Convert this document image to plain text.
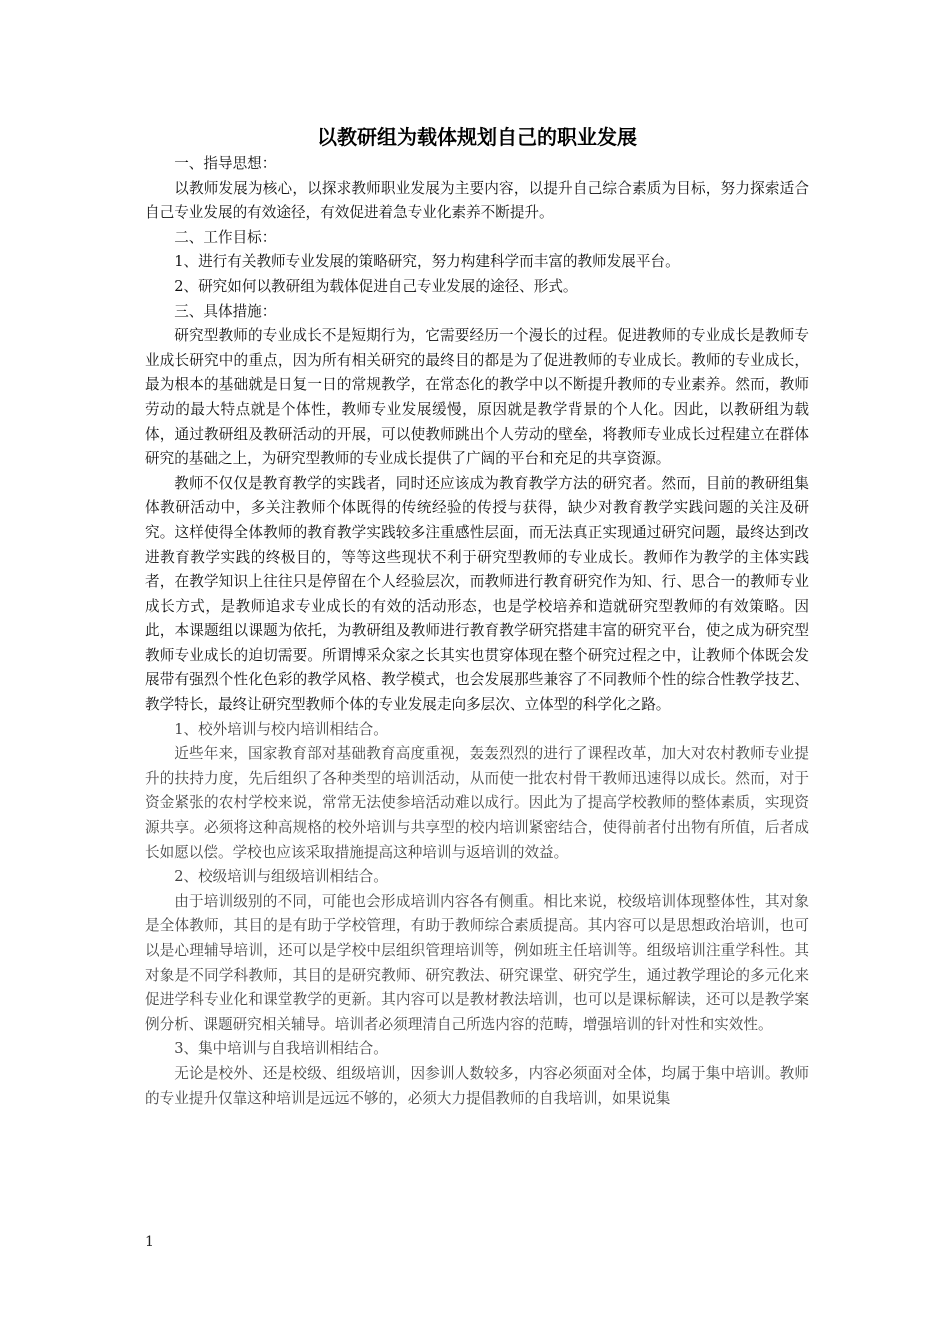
以教研组为载体规划自己的职业发展

一、指导思想：

以教师发展为核心，以探求教师职业发展为主要内容，以提升自己综合素质为目标，努力探索适合自己专业发展的有效途径，有效促进着急专业化素养不断提升。

二、工作目标：

1、进行有关教师专业发展的策略研究，努力构建科学而丰富的教师发展平台。

2、研究如何以教研组为载体促进自己专业发展的途径、形式。

三、具体措施：

研究型教师的专业成长不是短期行为，它需要经历一个漫长的过程。促进教师的专业成长是教师专业成长研究中的重点，因为所有相关研究的最终目的都是为了促进教师的专业成长。教师的专业成长，最为根本的基础就是日复一日的常规教学，在常态化的教学中以不断提升教师的专业素养。然而，教师劳动的最大特点就是个体性，教师专业发展缓慢，原因就是教学背景的个人化。因此，以教研组为载体，通过教研组及教研活动的开展，可以使教师跳出个人劳动的壁垒，将教师专业成长过程建立在群体研究的基础之上，为研究型教师的专业成长提供了广阔的平台和充足的共享资源。

教师不仅仅是教育教学的实践者，同时还应该成为教育教学方法的研究者。然而，目前的教研组集体教研活动中，多关注教师个体既得的传统经验的传授与获得，缺少对教育教学实践问题的关注及研究。这样使得全体教师的教育教学实践较多注重感性层面，而无法真正实现通过研究问题，最终达到改进教育教学实践的终极目的，等等这些现状不利于研究型教师的专业成长。教师作为教学的主体实践者，在教学知识上往往只是停留在个人经验层次，而教师进行教育研究作为知、行、思合一的教师专业成长方式，是教师追求专业成长的有效的活动形态，也是学校培养和造就研究型教师的有效策略。因此，本课题组以课题为依托，为教研组及教师进行教育教学研究搭建丰富的研究平台，使之成为研究型教师专业成长的迫切需要。所谓博采众家之长其实也贯穿体现在整个研究过程之中，让教师个体既会发展带有强烈个性化色彩的教学风格、教学模式，也会发展那些兼容了不同教师个性的综合性教学技艺、教学特长，最终让研究型教师个体的专业发展走向多层次、立体型的科学化之路。

1、校外培训与校内培训相结合。

近些年来，国家教育部对基础教育高度重视，轰轰烈烈的进行了课程改革，加大对农村教师专业提升的扶持力度，先后组织了各种类型的培训活动，从而使一批农村骨干教师迅速得以成长。然而，对于资金紧张的农村学校来说，常常无法使参培活动难以成行。因此为了提高学校教师的整体素质，实现资源共享。必须将这种高规格的校外培训与共享型的校内培训紧密结合，使得前者付出物有所值，后者成长如愿以偿。学校也应该采取措施提高这种培训与返培训的效益。

2、校级培训与组级培训相结合。

由于培训级别的不同，可能也会形成培训内容各有侧重。相比来说，校级培训体现整体性，其对象是全体教师，其目的是有助于学校管理，有助于教师综合素质提高。其内容可以是思想政治培训，也可以是心理辅导培训，还可以是学校中层组织管理培训等，例如班主任培训等。组级培训注重学科性。其对象是不同学科教师，其目的是研究教师、研究教法、研究课堂、研究学生，通过教学理论的多元化来促进学科专业化和课堂教学的更新。其内容可以是教材教法培训，也可以是课标解读，还可以是教学案例分析、课题研究相关辅导。培训者必须理清自己所选内容的范畴，增强培训的针对性和实效性。

3、集中培训与自我培训相结合。

无论是校外、还是校级、组级培训，因参训人数较多，内容必须面对全体，均属于集中培训。教师的专业提升仅靠这种培训是远远不够的，必须大力提倡教师的自我培训，如果说集

1
